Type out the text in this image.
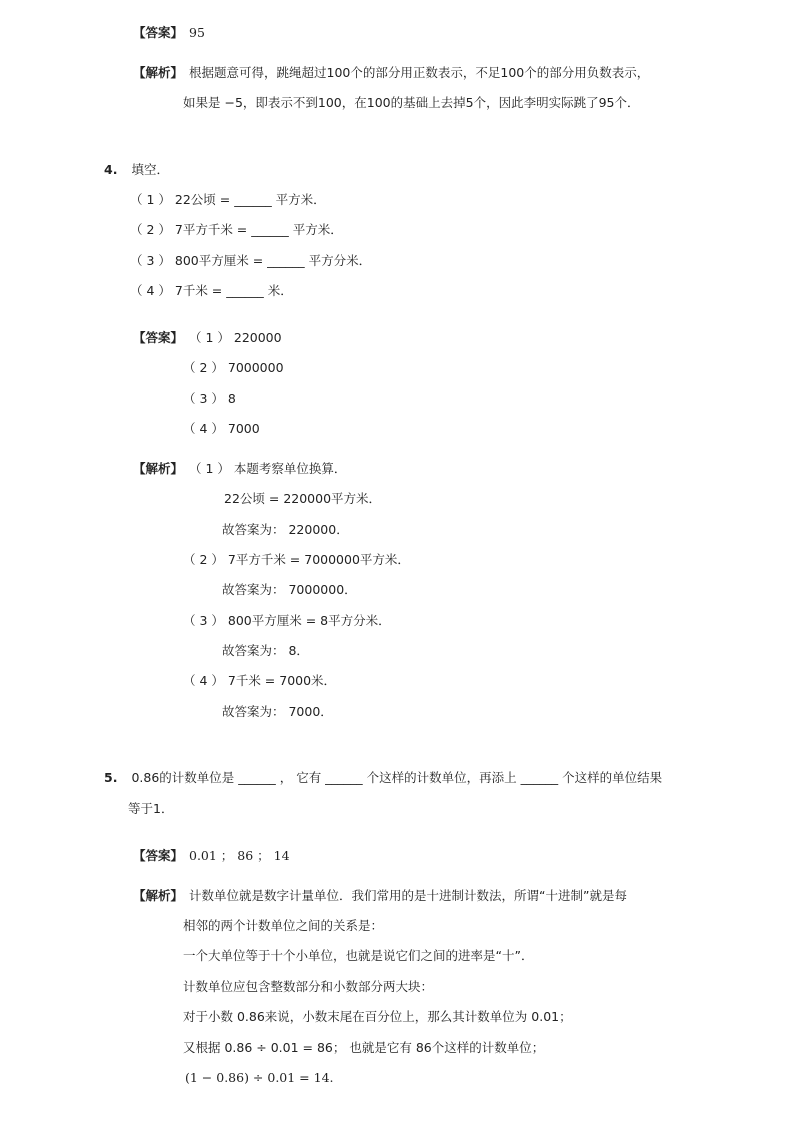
【答案】 95
【解析】 根据题意可得，跳绳超过100个的部分用正数表示，不足100个的部分用负数表示，
如果是 −5，即表示不到100，在100的基础上去掉5个，因此李明实际跳了95个．
4. 填空．
（ 1 ） 22公顷 = ______ 平方米．
（ 2 ） 7平方千米 = ______ 平方米．
（ 3 ） 800平方厘米 = ______ 平方分米．
（ 4 ） 7千米 = ______ 米．
【答案】 （ 1 ） 220000
（ 2 ） 7000000
（ 3 ） 8
（ 4 ） 7000
【解析】 （ 1 ） 本题考察单位换算．
22公顷 = 220000平方米．
故答案为： 220000．
（ 2 ） 7平方千米 = 7000000平方米．
故答案为： 7000000．
（ 3 ） 800平方厘米 = 8平方分米．
故答案为： 8．
（ 4 ） 7千米 = 7000米．
故答案为： 7000．
5. 0.86的计数单位是 ______ ， 它有 ______ 个这样的计数单位，再添上 ______ 个这样的单位结果
等于1．
【答案】 0.01 ； 86 ； 14
【解析】 计数单位就是数字计量单位．我们常用的是十进制计数法，所谓“十进制”就是每
相邻的两个计数单位之间的关系是：
一个大单位等于十个小单位，也就是说它们之间的进率是“十”．
计数单位应包含整数部分和小数部分两大块：
对于小数 0.86来说，小数末尾在百分位上，那么其计数单位为 0.01；
又根据 0.86 ÷ 0.01 = 86； 也就是它有 86个这样的计数单位；
(1 − 0.86) ÷ 0.01 = 14.
